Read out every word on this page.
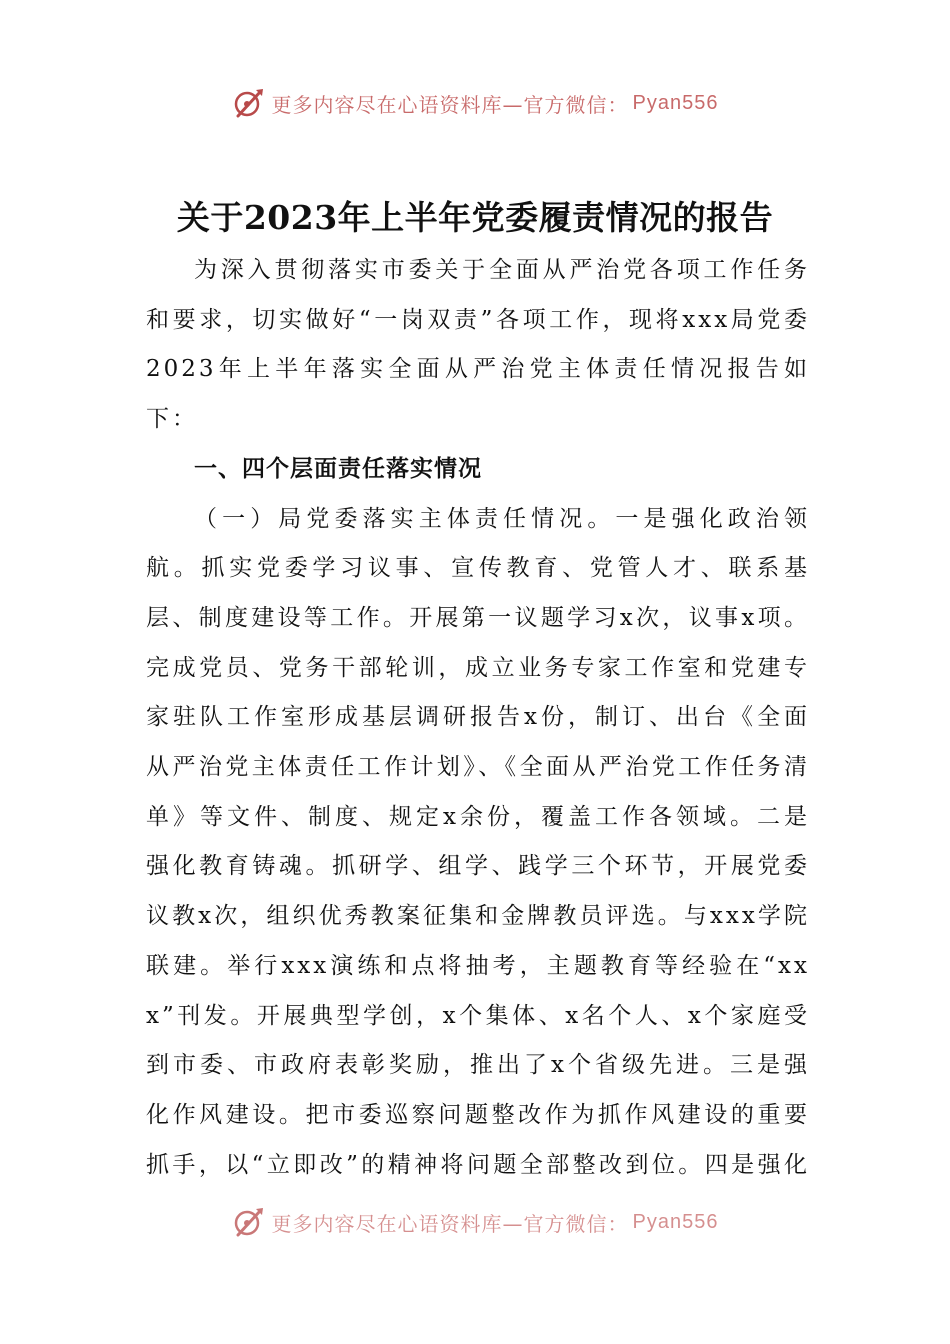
更多内容尽在心语资料库—官方微信： Pyan556
关于2023年上半年党委履责情况的报告

为深入贯彻落实市委关于全面从严治党各项工作任务和要求，切实做好“一岗双责”各项工作，现将xxx局党委2023年上半年落实全面从严治党主体责任情况报告如下：

一、四个层面责任落实情况

（一）局党委落实主体责任情况。一是强化政治领航。抓实党委学习议事、宣传教育、党管人才、联系基层、制度建设等工作。开展第一议题学习x次，议事x项。完成党员、党务干部轮训，成立业务专家工作室和党建专家驻队工作室形成基层调研报告x份，制订、出台《全面从严治党主体责任工作计划》、《全面从严治党工作任务清单》等文件、制度、规定x余份，覆盖工作各领域。二是强化教育铸魂。抓研学、组学、践学三个环节，开展党委议教x次，组织优秀教案征集和金牌教员评选。与xxx学院联建。举行xxx演练和点将抽考，主题教育等经验在“xxx”刊发。开展典型学创，x个集体、x名个人、x个家庭受到市委、市政府表彰奖励，推出了x个省级先进。三是强化作风建设。把市委巡察问题整改作为抓作风建设的重要抓手，以“立即改”的精神将问题全部整改到位。四是强化

更多内容尽在心语资料库—官方微信： Pyan556
